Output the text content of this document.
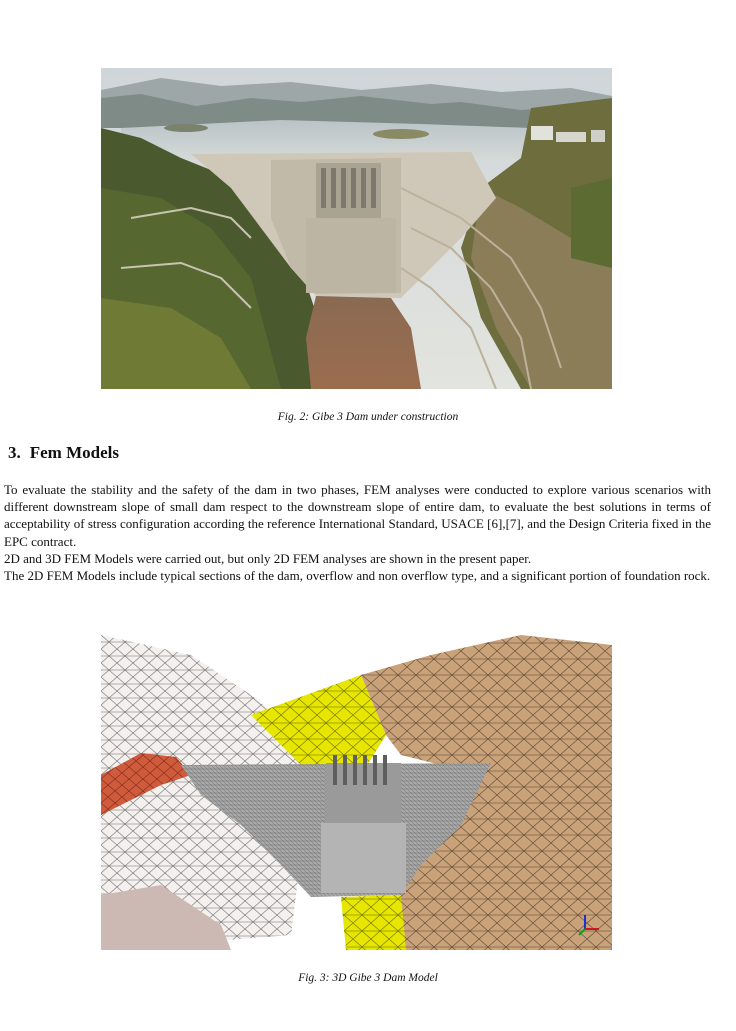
Fig. 2: Gibe 3 Dam under construction
3. Fem Models

To evaluate the stability and the safety of the dam in two phases, FEM analyses were conducted to explore various scenarios with different downstream slope of small dam respect to the downstream slope of entire dam, to evaluate the best solutions in terms of acceptability of stress configuration according the reference International Standard, USACE [6],[7], and the Design Criteria fixed in the EPC contract.

2D and 3D FEM Models were carried out, but only 2D FEM analyses are shown in the present paper.

The 2D FEM Models include typical sections of the dam, overflow and non overflow type, and a significant portion of foundation rock.

Fig. 3: 3D Gibe 3 Dam Model
